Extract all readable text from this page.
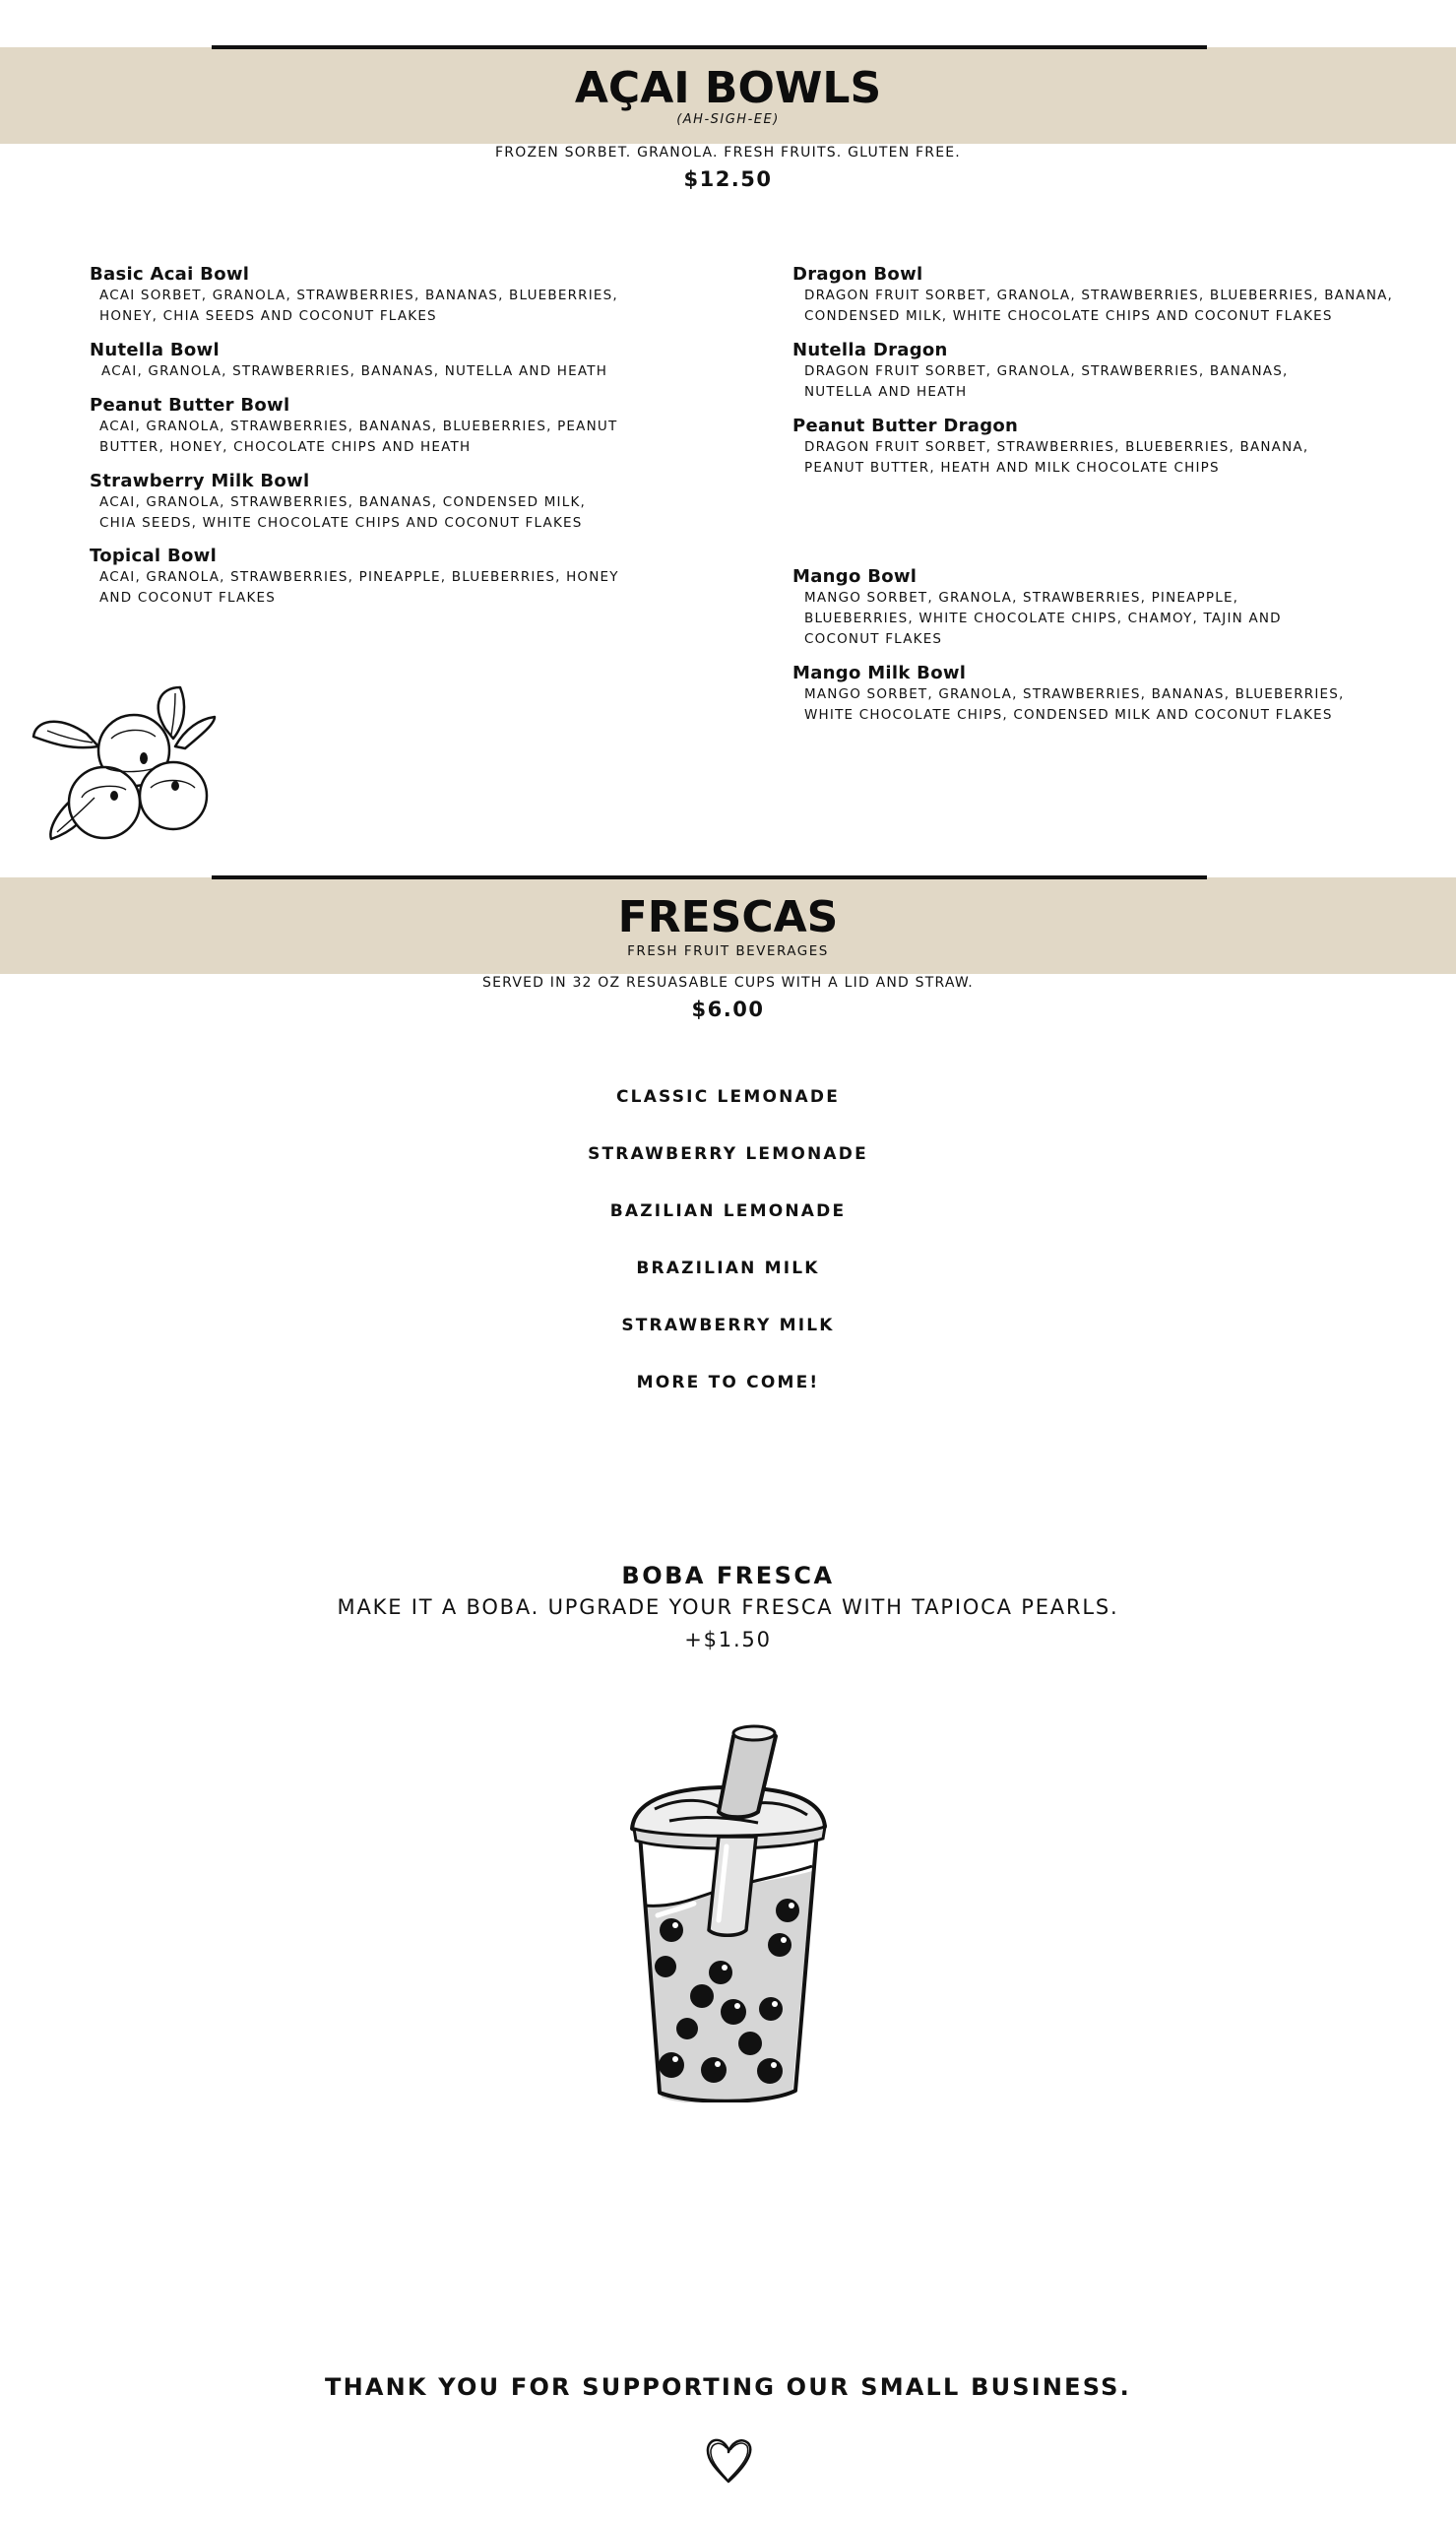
AÇAI BOWLS
(AH-SIGH-EE)
FROZEN SORBET. GRANOLA. FRESH FRUITS. GLUTEN FREE.
$12.50
Basic Acai Bowl
ACAI SORBET, GRANOLA, STRAWBERRIES, BANANAS, BLUEBERRIES,
HONEY, CHIA SEEDS AND COCONUT FLAKES
Nutella Bowl
ACAI, GRANOLA, STRAWBERRIES, BANANAS, NUTELLA AND HEATH
Peanut Butter Bowl
ACAI, GRANOLA, STRAWBERRIES, BANANAS, BLUEBERRIES, PEANUT
BUTTER, HONEY, CHOCOLATE CHIPS AND HEATH
Strawberry Milk Bowl
ACAI, GRANOLA, STRAWBERRIES, BANANAS, CONDENSED MILK,
CHIA SEEDS, WHITE CHOCOLATE CHIPS AND COCONUT FLAKES
Topical Bowl
ACAI, GRANOLA, STRAWBERRIES, PINEAPPLE, BLUEBERRIES, HONEY
AND COCONUT FLAKES
Dragon Bowl
DRAGON FRUIT SORBET, GRANOLA, STRAWBERRIES, BLUEBERRIES, BANANA,
CONDENSED MILK, WHITE CHOCOLATE CHIPS AND COCONUT FLAKES
Nutella Dragon
DRAGON FRUIT SORBET, GRANOLA, STRAWBERRIES, BANANAS,
NUTELLA AND HEATH
Peanut Butter Dragon
DRAGON FRUIT SORBET, STRAWBERRIES, BLUEBERRIES, BANANA,
PEANUT BUTTER, HEATH AND MILK CHOCOLATE CHIPS
Mango Bowl
MANGO SORBET, GRANOLA, STRAWBERRIES, PINEAPPLE,
BLUEBERRIES, WHITE CHOCOLATE CHIPS, CHAMOY, TAJIN AND
COCONUT FLAKES
Mango Milk Bowl
MANGO SORBET, GRANOLA, STRAWBERRIES, BANANAS, BLUEBERRIES,
WHITE CHOCOLATE CHIPS, CONDENSED MILK AND COCONUT FLAKES
FRESCAS
FRESH FRUIT BEVERAGES
SERVED IN 32 OZ RESUASABLE CUPS WITH A LID AND STRAW.
$6.00
CLASSIC LEMONADE
STRAWBERRY LEMONADE
BAZILIAN LEMONADE
BRAZILIAN MILK
STRAWBERRY MILK
MORE TO COME!
BOBA FRESCA
MAKE IT A BOBA. UPGRADE YOUR FRESCA WITH TAPIOCA PEARLS.
+$1.50
THANK YOU FOR SUPPORTING OUR SMALL BUSINESS.
